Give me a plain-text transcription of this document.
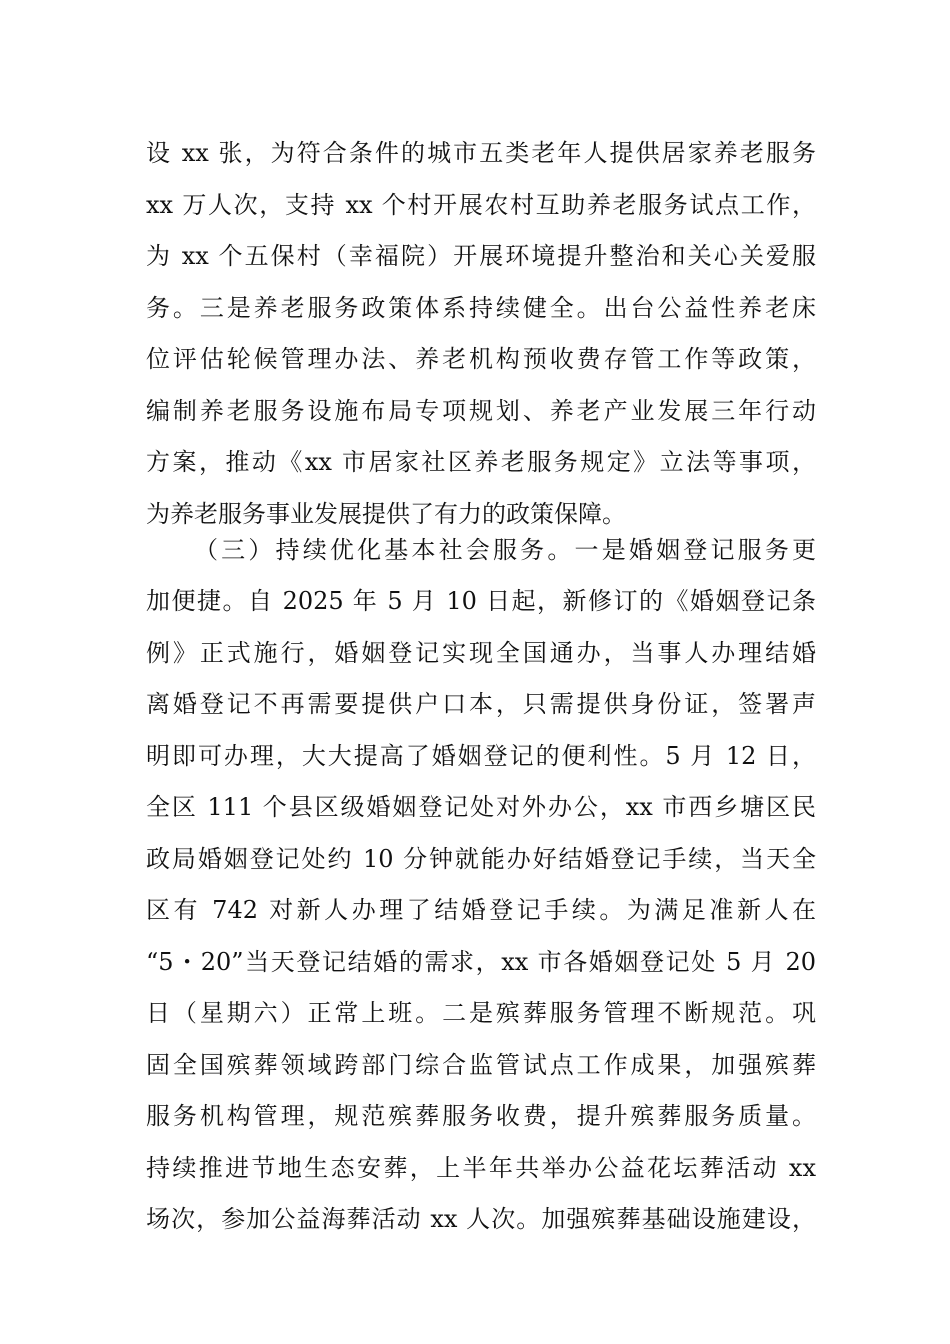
设 xx 张，为符合条件的城市五类老年人提供居家养老服务
xx 万人次，支持 xx 个村开展农村互助养老服务试点工作，
为 xx 个五保村（幸福院）开展环境提升整治和关心关爱服
务。三是养老服务政策体系持续健全。出台公益性养老床
位评估轮候管理办法、养老机构预收费存管工作等政策，
编制养老服务设施布局专项规划、养老产业发展三年行动
方案，推动《xx 市居家社区养老服务规定》立法等事项，
为养老服务事业发展提供了有力的政策保障。
（三）持续优化基本社会服务。一是婚姻登记服务更
加便捷。自 2025 年 5 月 10 日起，新修订的《婚姻登记条
例》正式施行，婚姻登记实现全国通办，当事人办理结婚
离婚登记不再需要提供户口本，只需提供身份证，签署声
明即可办理，大大提高了婚姻登记的便利性。5 月 12 日，
全区 111 个县区级婚姻登记处对外办公，xx 市西乡塘区民
政局婚姻登记处约 10 分钟就能办好结婚登记手续，当天全
区有 742 对新人办理了结婚登记手续。为满足准新人在
“5・20”当天登记结婚的需求，xx 市各婚姻登记处 5 月 20
日（星期六）正常上班。二是殡葬服务管理不断规范。巩
固全国殡葬领域跨部门综合监管试点工作成果，加强殡葬
服务机构管理，规范殡葬服务收费，提升殡葬服务质量。
持续推进节地生态安葬，上半年共举办公益花坛葬活动 xx
场次，参加公益海葬活动 xx 人次。加强殡葬基础设施建设，
